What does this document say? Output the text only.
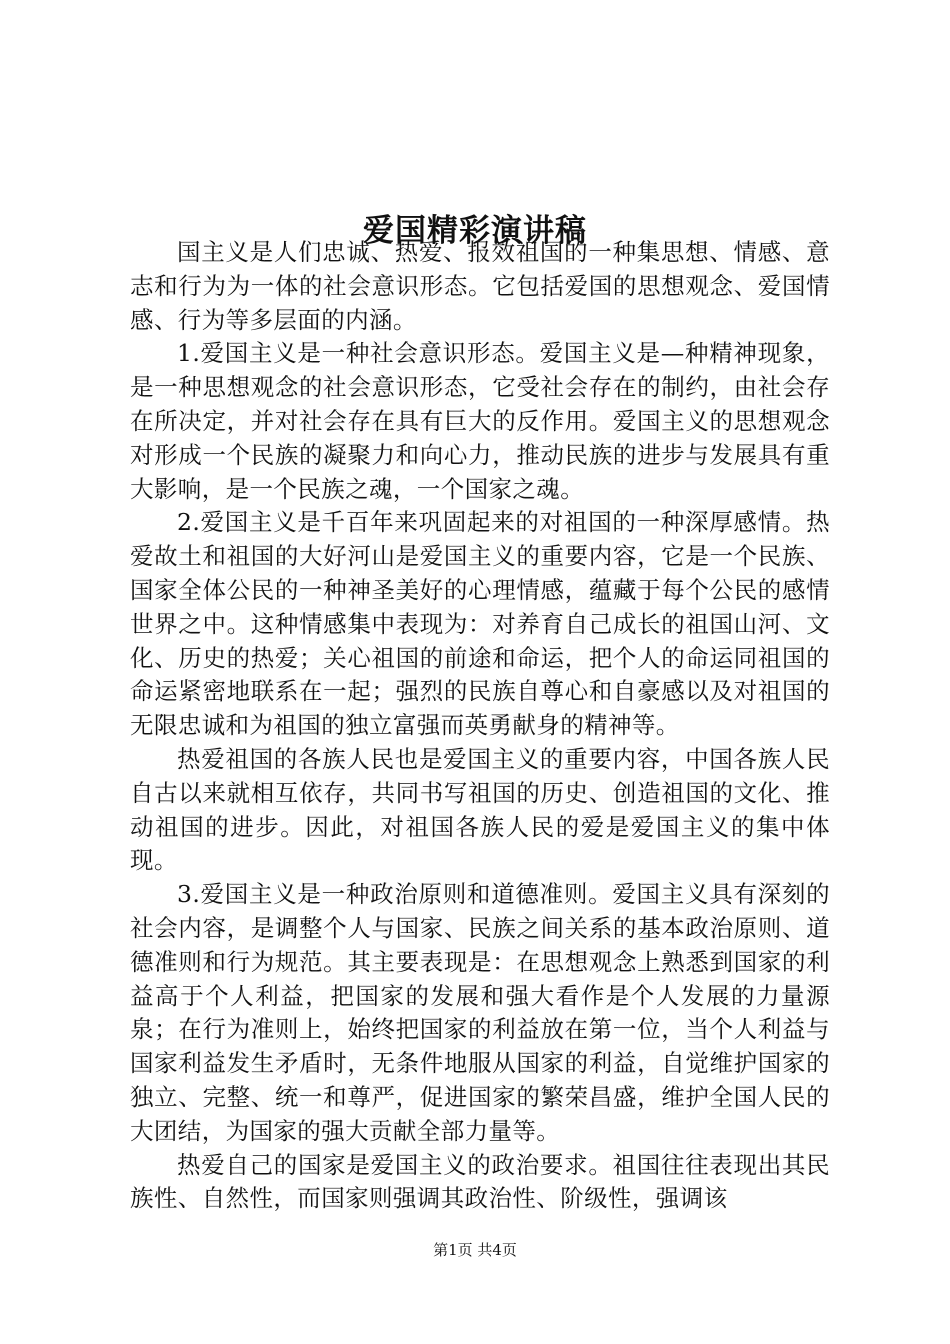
爱国精彩演讲稿

国主义是人们忠诚、热爱、报效祖国的一种集思想、情感、意志和行为为一体的社会意识形态。它包括爱国的思想观念、爱国情感、行为等多层面的内涵。

1.爱国主义是一种社会意识形态。爱国主义是—种精神现象，是一种思想观念的社会意识形态，它受社会存在的制约，由社会存在所决定，并对社会存在具有巨大的反作用。爱国主义的思想观念对形成一个民族的凝聚力和向心力，推动民族的进步与发展具有重大影响，是一个民族之魂，一个国家之魂。

2.爱国主义是千百年来巩固起来的对祖国的一种深厚感情。热爱故土和祖国的大好河山是爱国主义的重要内容，它是一个民族、国家全体公民的一种神圣美好的心理情感，蕴藏于每个公民的感情世界之中。这种情感集中表现为：对养育自己成长的祖国山河、文化、历史的热爱；关心祖国的前途和命运，把个人的命运同祖国的命运紧密地联系在一起；强烈的民族自尊心和自豪感以及对祖国的无限忠诚和为祖国的独立富强而英勇献身的精神等。

热爱祖国的各族人民也是爱国主义的重要内容，中国各族人民自古以来就相互依存，共同书写祖国的历史、创造祖国的文化、推动祖国的进步。因此，对祖国各族人民的爱是爱国主义的集中体现。

3.爱国主义是一种政治原则和道德准则。爱国主义具有深刻的社会内容，是调整个人与国家、民族之间关系的基本政治原则、道德准则和行为规范。其主要表现是：在思想观念上熟悉到国家的利益高于个人利益，把国家的发展和强大看作是个人发展的力量源泉；在行为准则上，始终把国家的利益放在第一位，当个人利益与国家利益发生矛盾时，无条件地服从国家的利益，自觉维护国家的独立、完整、统一和尊严，促进国家的繁荣昌盛，维护全国人民的大团结，为国家的强大贡献全部力量等。

热爱自己的国家是爱国主义的政治要求。祖国往往表现出其民族性、自然性，而国家则强调其政治性、阶级性，强调该

第1页 共4页
